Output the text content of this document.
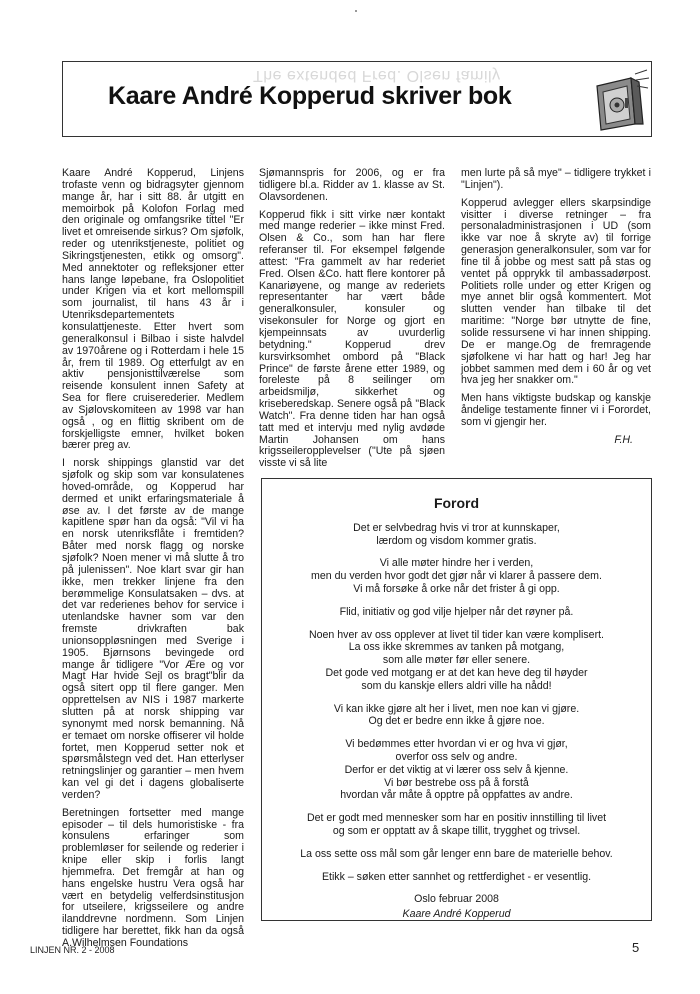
The extended Fred. Olsen family
Kaare André Kopperud skriver bok

Kaare André Kopperud, Linjens trofaste venn og bidragsyter gjennom mange år, har i sitt 88. år utgitt en memoirbok på Kolofon Forlag med den originale og omfangsrike tittel "Er livet et omreisende sirkus? Om sjøfolk, reder og utenrikstjeneste, politiet og Sikringstjenesten, etikk og omsorg". Med annektoter og refleksjoner etter hans lange løpebane, fra Oslopolitiet under Krigen via et kort mellomspill som journalist, til hans 43 år i Utenriksdepartementets konsulattjeneste. Etter hvert som generalkonsul i Bilbao i siste halvdel av 1970årene og i Rotterdam i hele 15 år, frem til 1989. Og etterfulgt av en aktiv pensjonisttilværelse som reisende konsulent innen Safety at Sea for flere cruiserederier. Medlem av Sjølovskomiteen av 1998 var han også , og en flittig skribent om de forskjelligste emner, hvilket boken bærer preg av.

I norsk shippings glanstid var det sjøfolk og skip som var konsulatenes hoved-område, og Kopperud har dermed et unikt erfaringsmateriale å øse av. I det første av de mange kapitlene spør han da også: "Vil vi ha en norsk utenriksflåte i fremtiden? Båter med norsk flagg og norske sjøfolk? Noen mener vi må slutte å tro på julenissen". Noe klart svar gir han ikke, men trekker linjene fra den berømmelige Konsulatsaken – dvs. at det var rederienes behov for service i utenlandske havner som var den fremste drivkraften bak unionsoppløsningen med Sverige i 1905. Bjørnsons bevingede ord mange år tidligere "Vor Ære og vor Magt Har hvide Sejl os bragt"blir da også sitert opp til flere ganger. Men opprettelsen av NIS i 1987 markerte slutten på at norsk shipping var synonymt med norsk bemanning. Nå er temaet om norske offiserer vil holde fortet, men Kopperud setter nok et spørsmålstegn ved det. Han etterlyser retningslinjer og garantier – men hvem kan vel gi det i dagens globaliserte verden?

Beretningen fortsetter med mange episoder – til dels humoristiske - fra konsulens erfaringer som problemløser for seilende og rederier i knipe eller skip i forlis langt hjemmefra. Det fremgår at han og hans engelske hustru Vera også har vært en betydelig velferdsinstitusjon for utseilere, krigsseilere og andre ilanddrevne nordmenn. Som Linjen tidligere har berettet, fikk han da også A.Wilhelmsen Foundations

Sjømannspris for 2006, og er fra tidligere bl.a. Ridder av 1. klasse av St. Olavsordenen.

Kopperud fikk i sitt virke nær kontakt med mange rederier – ikke minst Fred. Olsen & Co., som han har flere referanser til. For eksempel følgende attest: "Fra gammelt av har rederiet Fred. Olsen &Co. hatt flere kontorer på Kanariøyene, og mange av rederiets representanter har vært både generalkonsuler, konsuler og visekonsuler for Norge og gjort en kjempeinnsats av uvurderlig betydning." Kopperud drev kursvirksomhet ombord på "Black Prince" de første årene etter 1989, og foreleste på 8 seilinger om arbeidsmiljø, sikkerhet og kriseberedskap. Senere også på "Black Watch". Fra denne tiden har han også tatt med et intervju med nylig avdøde Martin Johansen om hans krigsseileropplevelser ("Ute på sjøen visste vi så lite

men lurte på så mye" – tidligere trykket i "Linjen").

Kopperud avlegger ellers skarpsindige visitter i diverse retninger – fra personaladministrasjonen i UD (som ikke var noe å skryte av) til forrige generasjon generalkonsuler, som var for fine til å jobbe og mest satt på stas og ventet på opprykk til ambassadørpost. Politiets rolle under og etter Krigen og mye annet blir også kommentert. Mot slutten vender han tilbake til det maritime: "Norge bør utnytte de fine, solide ressursene vi har innen shipping. De er mange.Og de fremragende sjøfolkene vi har hatt og har! Jeg har jobbet sammen med dem i 60 år og vet hva jeg her snakker om."

Men hans viktigste budskap og kanskje åndelige testamente finner vi i Forordet, som vi gjengir her.

F.H.
Forord

Det er selvbedrag hvis vi tror at kunnskaper,
lærdom og visdom kommer gratis.

Vi alle møter hindre her i verden,
men du verden hvor godt det gjør når vi klarer å passere dem.
Vi må forsøke å orke når det frister å gi opp.

Flid, initiativ og god vilje hjelper når det røyner på.

Noen hver av oss opplever at livet til tider kan være komplisert.
La oss ikke skremmes av tanken på motgang,
som alle møter før eller senere.
Det gode ved motgang er at det kan heve deg til høyder
som du kanskje ellers aldri ville ha nådd!

Vi kan ikke gjøre alt her i livet, men noe kan vi gjøre.
Og det er bedre enn ikke å gjøre noe.

Vi bedømmes etter hvordan vi er og hva vi gjør,
overfor oss selv og andre.
Derfor er det viktig at vi lærer oss selv å kjenne.
Vi bør bestrebe oss på å forstå
hvordan vår måte å opptre på oppfattes av andre.

Det er godt med mennesker som har en positiv innstilling til livet
og som er opptatt av å skape tillit, trygghet og trivsel.

La oss sette oss mål som går lenger enn bare de materielle behov.

Etikk – søken etter sannhet og rettferdighet - er vesentlig.

Oslo februar 2008

Kaare André Kopperud
LINJEN NR. 2 - 2008	5
